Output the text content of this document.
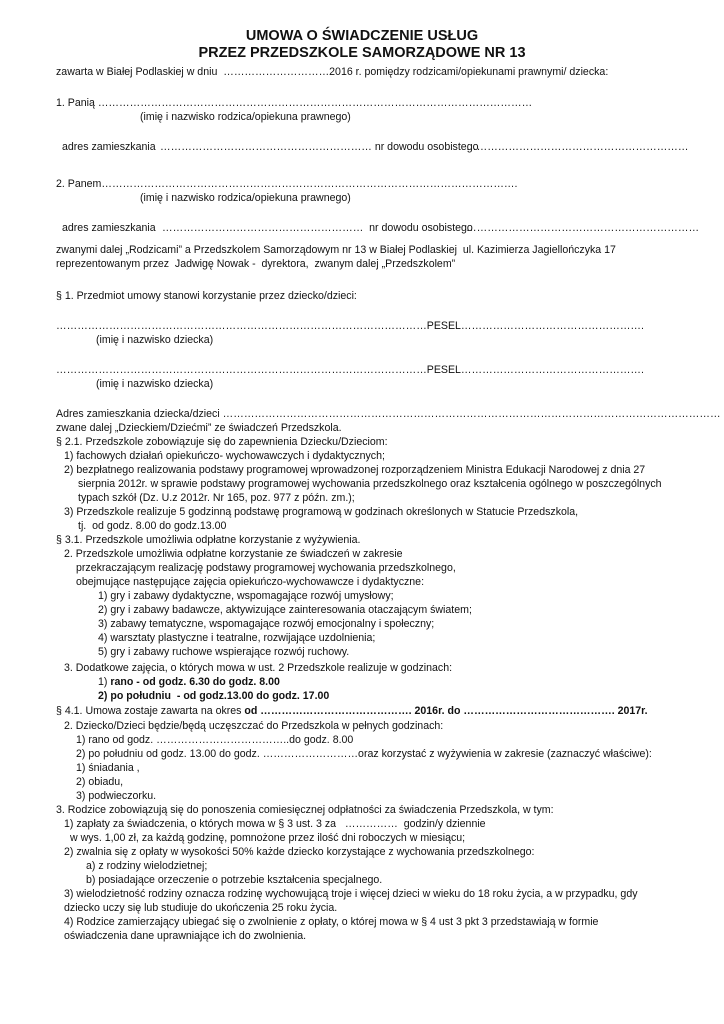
UMOWA O ŚWIADCZENIE USŁUG
PRZEZ PRZEDSZKOLE SAMORZĄDOWE NR 13
zawarta w Białej Podlaskiej w dniu  …………………………2016 r. pomiędzy rodzicami/opiekunami prawnymi/ dziecka:
1. Panią ……………………………………………………………………………………………………………
(imię i nazwisko rodzica/opiekuna prawnego)
adres zamieszkania …………………………………………………… nr dowodu osobistego
………………………………………………………
2. Panem……………………………………………………………………………………………………….
(imię i nazwisko rodzica/opiekuna prawnego)
adres zamieszkania …………………………………………………  nr dowodu osobistego
…………………………………………………………
zwanymi dalej „Rodzicami” a Przedszkolem Samorządowym nr 13 w Białej Podlaskiej  ul. Kazimierza Jagiellończyka 17
reprezentowanym przez  Jadwigę Nowak -  dyrektora,  zwanym dalej „Przedszkolem”
§ 1. Przedmiot umowy stanowi korzystanie przez dziecko/dzieci:
……………………………………………………………………………………………PESEL…………………………………………….
(imię i nazwisko dziecka)
……………………………………………………………………………………………PESEL…………………………………………….
(imię i nazwisko dziecka)
Adres zamieszkania dziecka/dzieci ……………………………………………………………………………………………………………………………
zwane dalej „Dzieckiem/Dziećmi” ze świadczeń Przedszkola.
§ 2.1. Przedszkole zobowiązuje się do zapewnienia Dziecku/Dzieciom:
1) fachowych działań opiekuńczo- wychowawczych i dydaktycznych;
2) bezpłatnego realizowania podstawy programowej wprowadzonej rozporządzeniem Ministra Edukacji Narodowej z dnia 27
sierpnia 2012r. w sprawie podstawy programowej wychowania przedszkolnego oraz kształcenia ogólnego w poszczególnych
typach szkół (Dz. U.z 2012r. Nr 165, poz. 977 z późn. zm.);
3) Przedszkole realizuje 5 godzinną podstawę programową w godzinach określonych w Statucie Przedszkola,
tj.  od godz. 8.00 do godz.13.00
§ 3.1. Przedszkole umożliwia odpłatne korzystanie z wyżywienia.
2. Przedszkole umożliwia odpłatne korzystanie ze świadczeń w zakresie
przekraczającym realizację podstawy programowej wychowania przedszkolnego,
obejmujące następujące zajęcia opiekuńczo-wychowawcze i dydaktyczne:
1) gry i zabawy dydaktyczne, wspomagające rozwój umysłowy;
2) gry i zabawy badawcze, aktywizujące zainteresowania otaczającym światem;
3) zabawy tematyczne, wspomagające rozwój emocjonalny i społeczny;
4) warsztaty plastyczne i teatralne, rozwijające uzdolnienia;
5) gry i zabawy ruchowe wspierające rozwój ruchowy.
3. Dodatkowe zajęcia, o których mowa w ust. 2 Przedszkole realizuje w godzinach:
1) rano - od godz. 6.30 do godz. 8.00
2) po południu  - od godz.13.00 do godz. 17.00
§ 4.1. Umowa zostaje zawarta na okres od ……………………………………. 2016r. do ……………………………………. 2017r.
2. Dziecko/Dzieci będzie/będą uczęszczać do Przedszkola w pełnych godzinach:
1) rano od godz. ………………………………..do godz. 8.00
2) po południu od godz. 13.00 do godz. ………………………oraz korzystać z wyżywienia w zakresie (zaznaczyć właściwe):
1) śniadania ,
2) obiadu,
3) podwieczorku.
3. Rodzice zobowiązują się do ponoszenia comiesięcznej odpłatności za świadczenia Przedszkola, w tym:
1) zapłaty za świadczenia, o których mowa w § 3 ust. 3 za   ……………  godzin/y dziennie
w wys. 1,00 zł, za każdą godzinę, pomnożone przez ilość dni roboczych w miesiącu;
2) zwalnia się z opłaty w wysokości 50% każde dziecko korzystające z wychowania przedszkolnego:
a) z rodziny wielodzietnej;
b) posiadające orzeczenie o potrzebie kształcenia specjalnego.
3) wielodzietność rodziny oznacza rodzinę wychowującą troje i więcej dzieci w wieku do 18 roku życia, a w przypadku, gdy
dziecko uczy się lub studiuje do ukończenia 25 roku życia.
4) Rodzice zamierzający ubiegać się o zwolnienie z opłaty, o której mowa w § 4 ust 3 pkt 3 przedstawiają w formie
oświadczenia dane uprawniające ich do zwolnienia.
